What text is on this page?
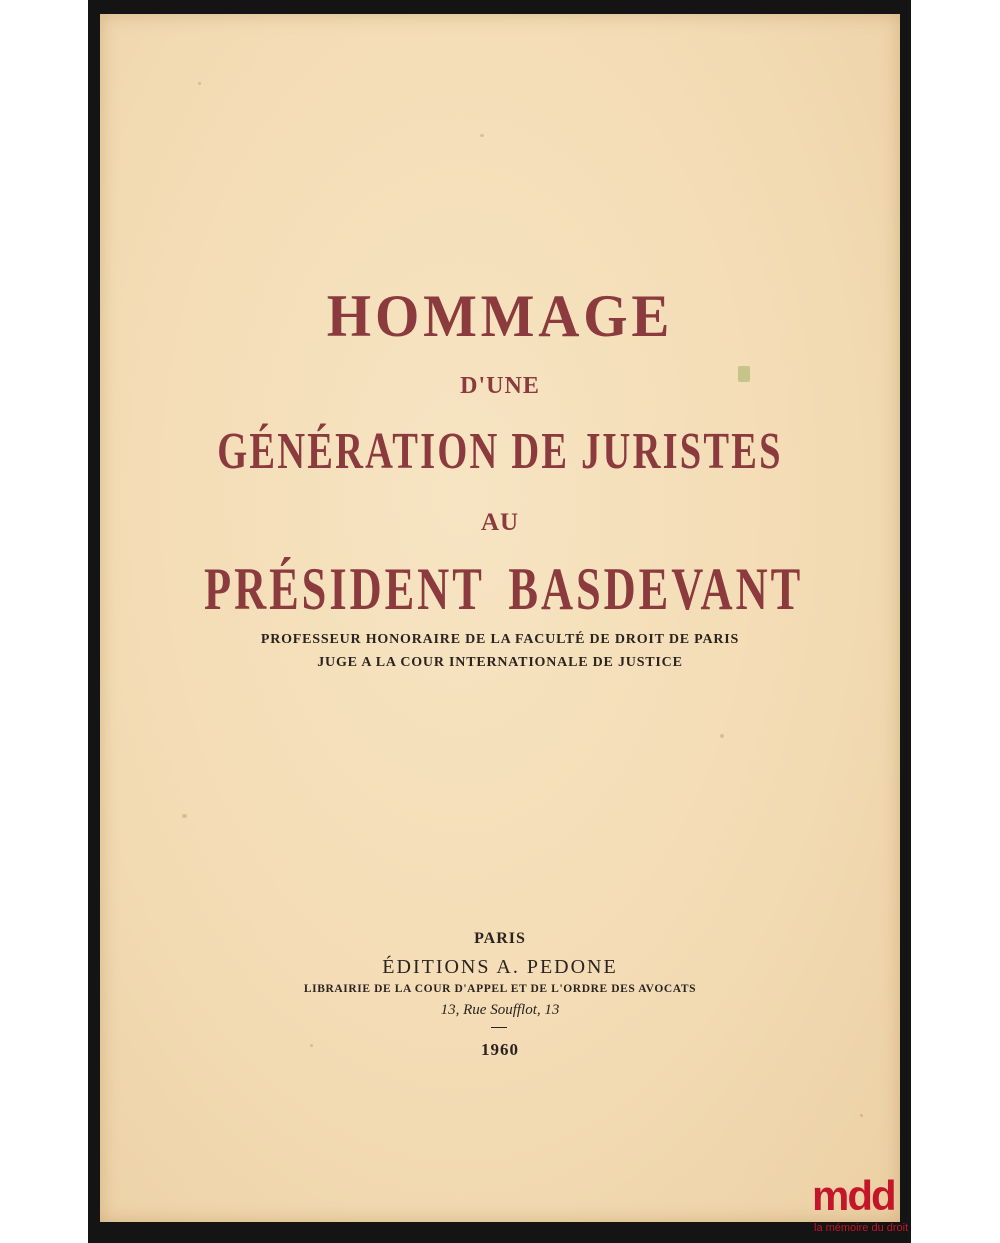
HOMMAGE
D'UNE
GÉNÉRATION DE JURISTES
AU
PRÉSIDENT BASDEVANT
PROFESSEUR HONORAIRE DE LA FACULTÉ DE DROIT DE PARIS
JUGE A LA COUR INTERNATIONALE DE JUSTICE
PARIS
ÉDITIONS A. PEDONE
LIBRAIRIE DE LA COUR D'APPEL ET DE L'ORDRE DES AVOCATS
13, Rue Soufflot, 13
1960
mdd
la mémoire du droit
